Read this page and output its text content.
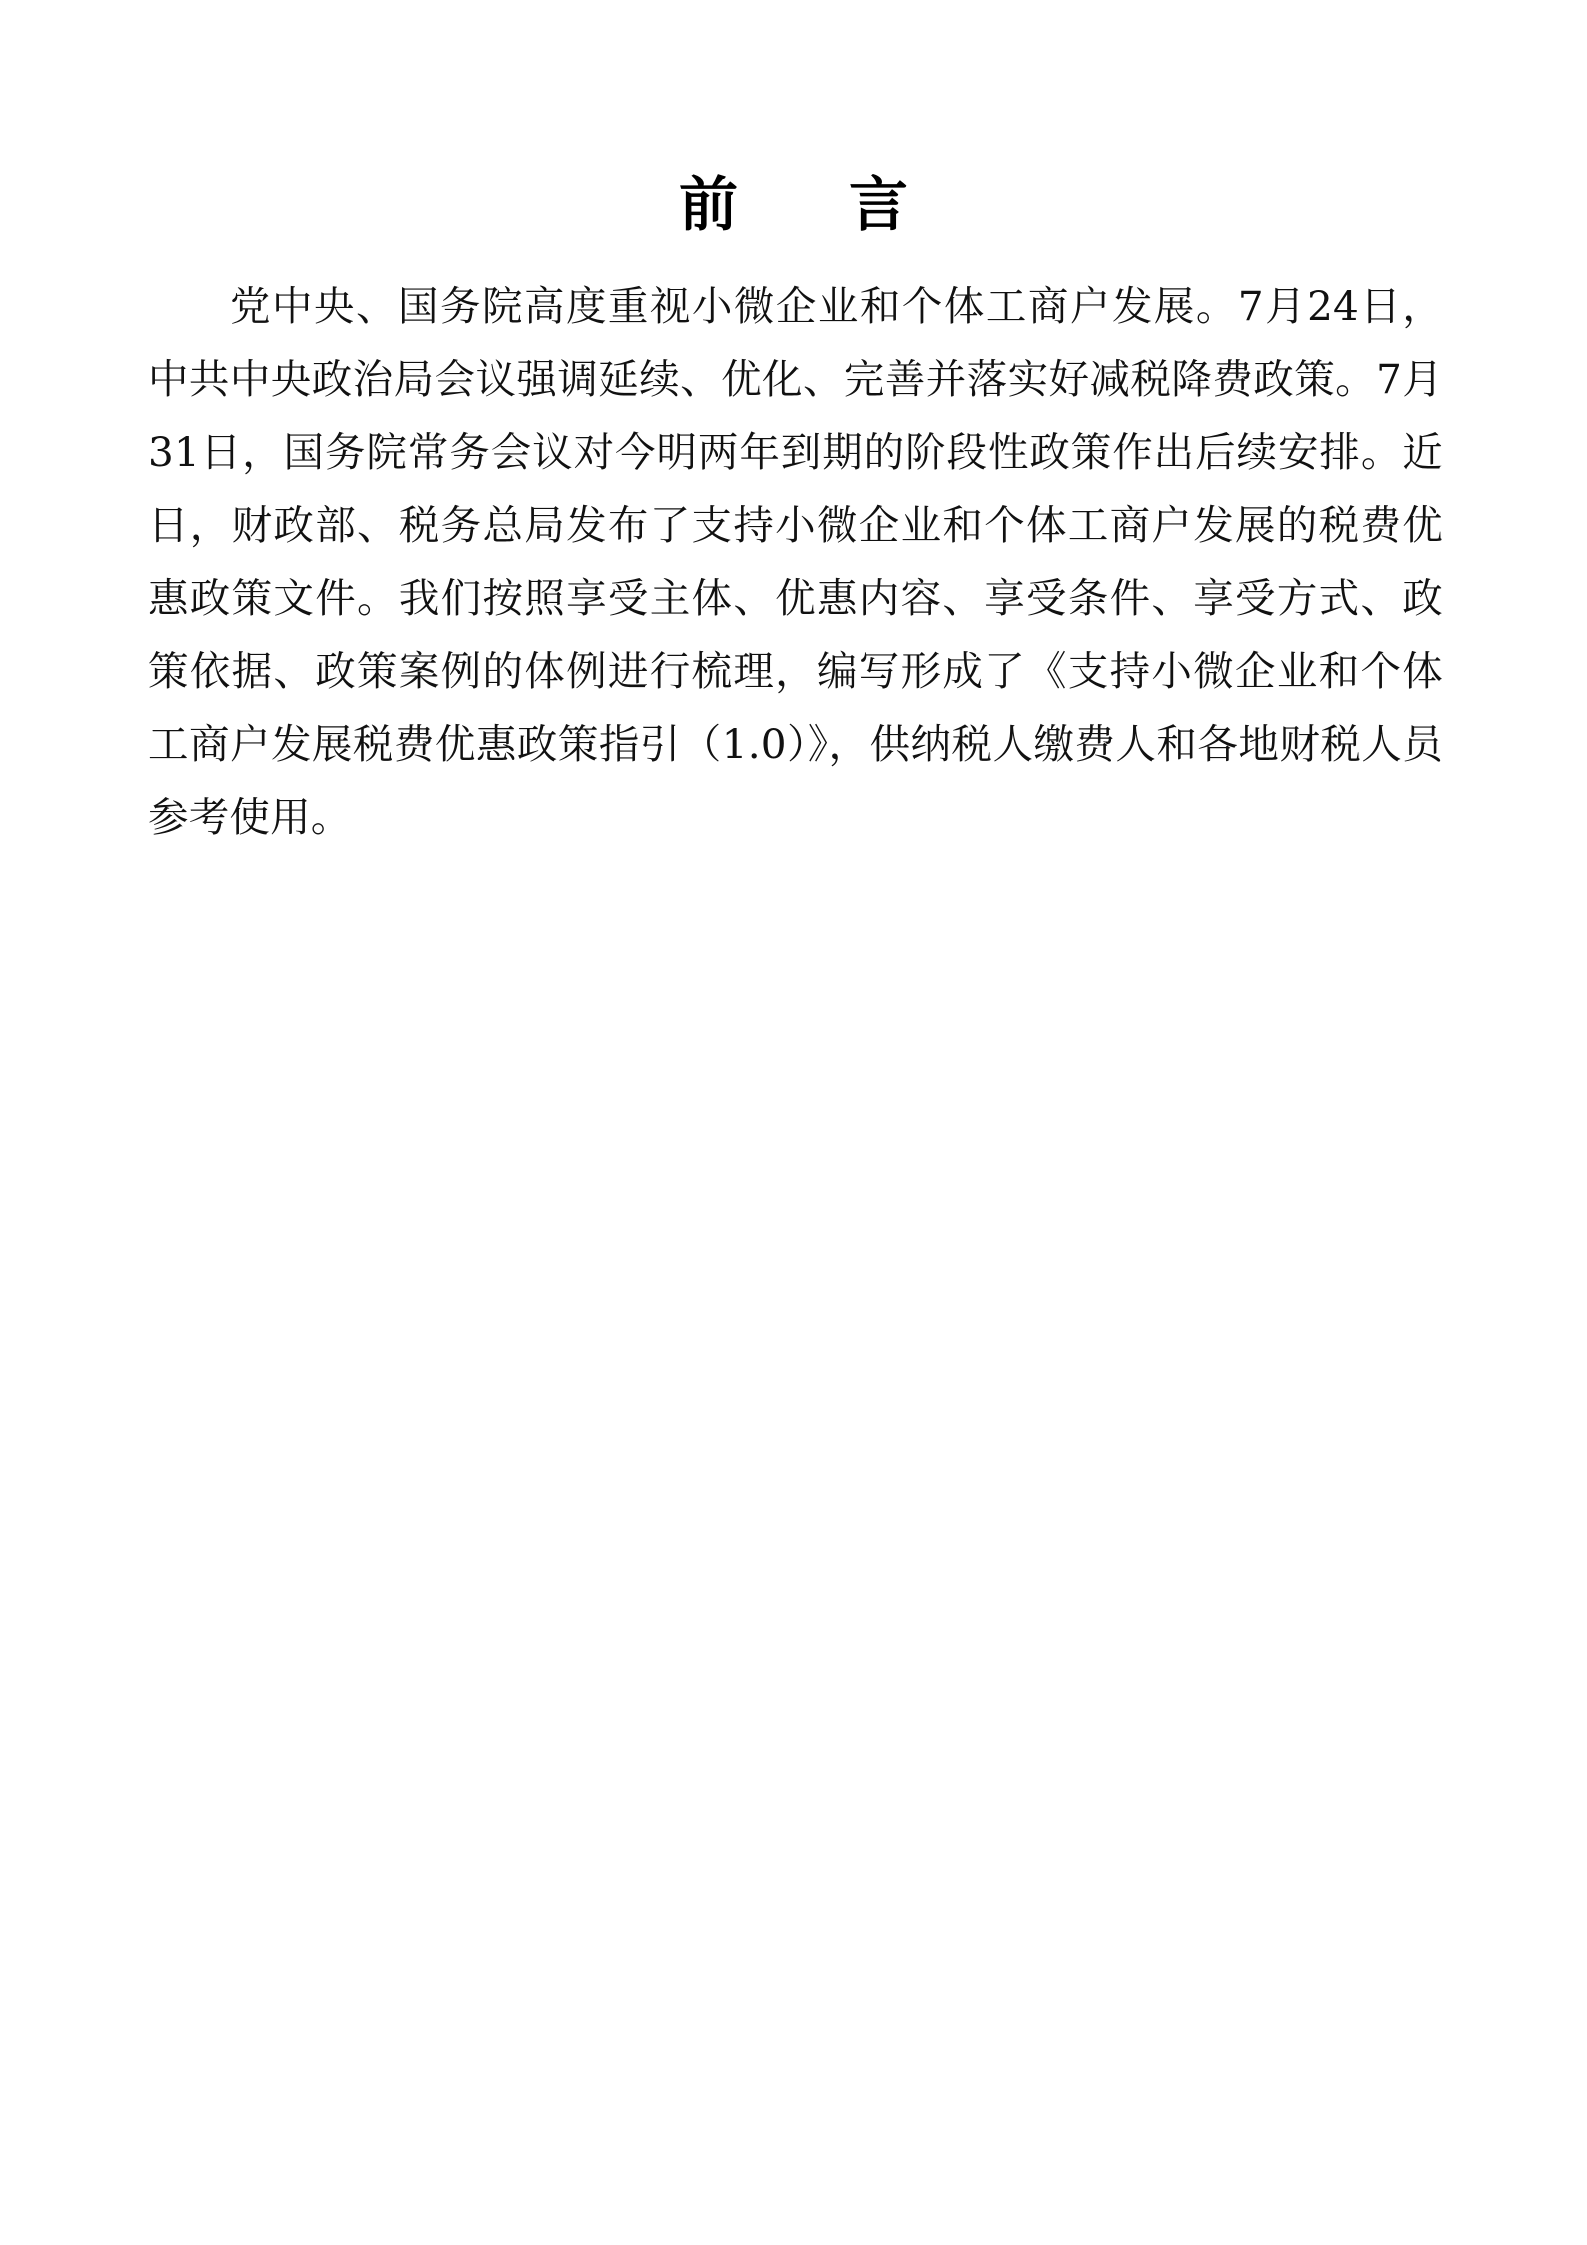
前　言

党中央、国务院高度重视小微企业和个体工商户发展。7月24日，中共中央政治局会议强调延续、优化、完善并落实好减税降费政策。7月31日，国务院常务会议对今明两年到期的阶段性政策作出后续安排。近日，财政部、税务总局发布了支持小微企业和个体工商户发展的税费优惠政策文件。我们按照享受主体、优惠内容、享受条件、享受方式、政策依据、政策案例的体例进行梳理，编写形成了《支持小微企业和个体工商户发展税费优惠政策指引（1.0）》，供纳税人缴费人和各地财税人员参考使用。
